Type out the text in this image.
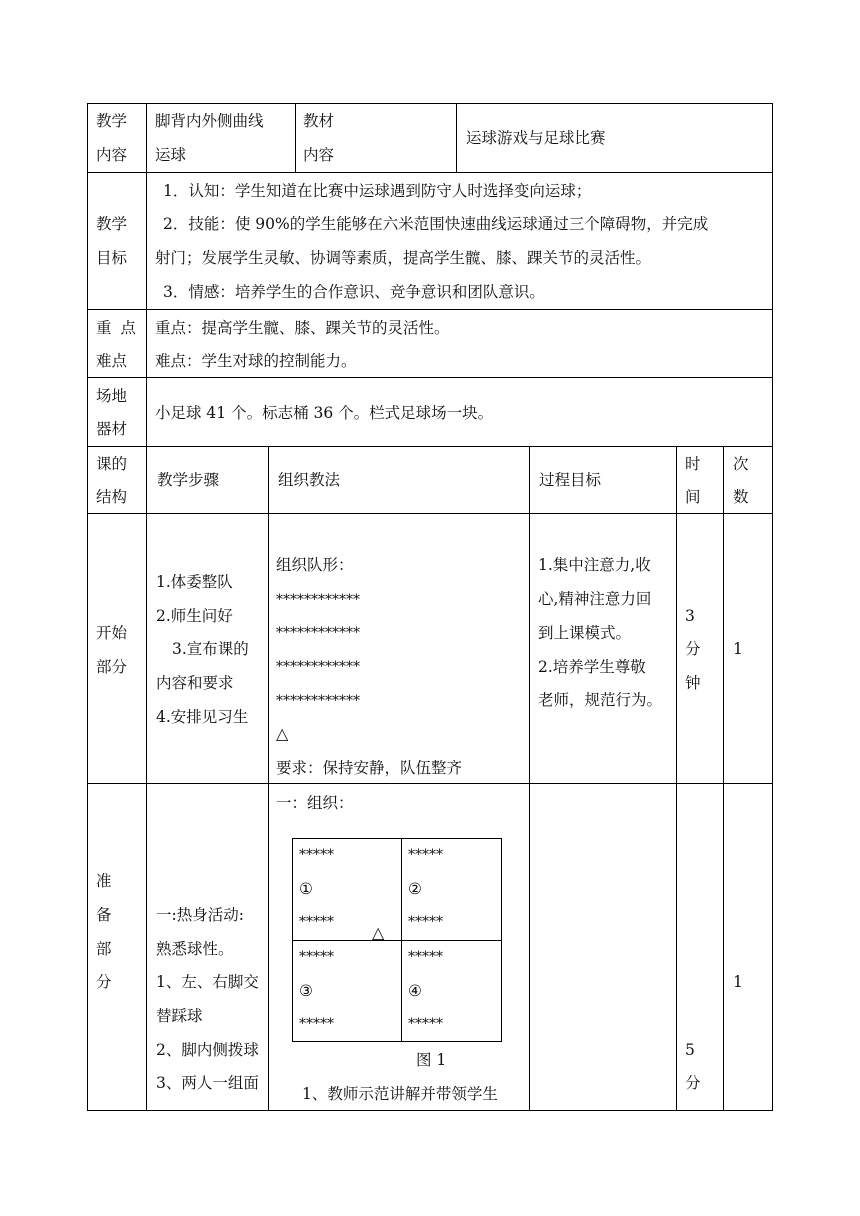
教学
内容
脚背内外侧曲线
运球
教材
内容
运球游戏与足球比赛
教学
目标
1．认知：学生知道在比赛中运球遇到防守人时选择变向运球；
2．技能：使 90%的学生能够在六米范围快速曲线运球通过三个障碍物，并完成
射门；发展学生灵敏、协调等素质，提高学生髋、膝、踝关节的灵活性。
3．情感：培养学生的合作意识、竞争意识和团队意识。
重 点
难点
重点：提高学生髋、膝、踝关节的灵活性。
难点：学生对球的控制能力。
场地
器材
小足球 41 个。标志桶 36 个。栏式足球场一块。
课的
结构
教学步骤	组织教法	过程目标
时
间
次
数
开始
部分
1.体委整队
2.师生问好
3.宣布课的
内容和要求
4.安排见习生
组织队形：
************
************
************
************
△
要求：保持安静，队伍整齐
1.集中注意力,收
心,精神注意力回
到上课模式。
2.培养学生尊敬
老师，规范行为。
3
分
钟
1
准
备
部
分
一:热身活动:
熟悉球性。
1、左、右脚交
替踩球
2、脚内侧拨球
3、两人一组面
一：组织：
*****
①
*****
*****
②
*****
△
*****
③
*****
*****
④
*****
图 1
1、教师示范讲解并带领学生
5
分
1
